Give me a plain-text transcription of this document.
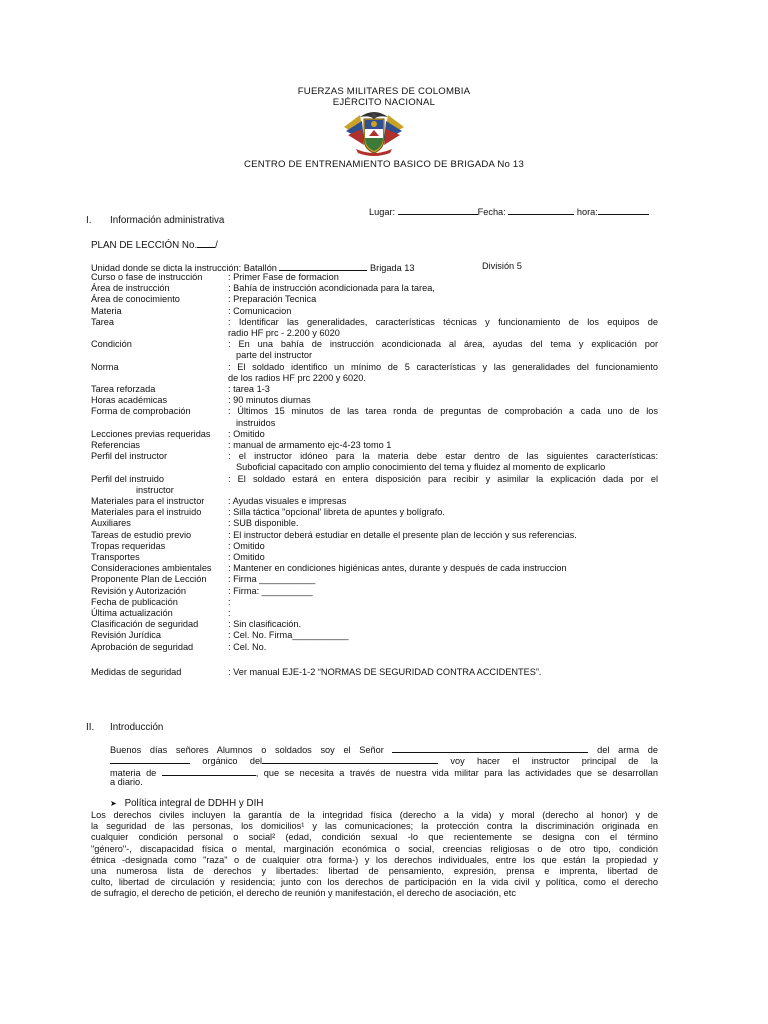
FUERZAS MILITARES DE COLOMBIA
EJÉRCITO NACIONAL
CENTRO DE ENTRENAMIENTO BASICO DE BRIGADA No 13
Lugar:	Fecha:	hora:
I. Información administrativa
PLAN DE LECCIÓN No. /
Unidad donde se dicta la instrucción: Batallón	Brigada 13	División 5
Curso o fase de instrucción	: Primer Fase de formacion
Área de instrucción	: Bahía de instrucción acondicionada para la tarea,
Área de conocimiento	: Preparación Tecnica
Materia	: Comunicacion
Tarea	: Identificar las generalidades, características técnicas y funcionamiento de los equipos de
radio HF prc - 2.200 y 6020
Condición	: En una bahía de instrucción acondicionada al área, ayudas del tema y explicación por
parte del instructor
Norma	: El soldado identifico un mínimo de 5 características y las generalidades del funcionamiento
de los radios HF prc 2200 y 6020.
Tarea reforzada	: tarea 1-3
Horas académicas	: 90 minutos diurnas
Forma de comprobación	: Últimos 15 minutos de las tarea ronda de preguntas de comprobación a cada uno de los
instruidos
Lecciones previas requeridas : Omitido
Referencias	: manual de armamento ejc-4-23 tomo 1
Perfil del instructor	: el instructor idóneo para la materia debe estar dentro de las siguientes características:
Suboficial capacitado con amplio conocimiento del tema y fluidez al momento de explicarlo
Perfil del instruido	: El soldado estará en entera disposición para recibir y asimilar la explicación dada por el
instructor
Materiales para el instructor	: Ayudas visuales e impresas
Materiales para el instruido	: Silla táctica "opcional' libreta de apuntes y bolígrafo.
Auxiliares	: SUB disponible.
Tareas de estudio previo	: El instructor deberá estudiar en detalle el presente plan de lección y sus referencias.
Tropas requeridas	: Omitido
Transportes	: Omitido
Consideraciones ambientales : Mantener en condiciones higiénicas antes, durante y después de cada instruccion
Proponente Plan de Lección : Firma ___________
Revisión y Autorización	: Firma: __________
Fecha de publicación	:
Última actualización	:
Clasificación de seguridad	: Sin clasificación.
Revisión Jurídica	: Cel. No. Firma___________
Aprobación de seguridad	: Cel. No.
Medidas de seguridad	: Ver manual EJE-1-2 “NORMAS DE SEGURIDAD CONTRA ACCIDENTES”.
II. Introducción
Buenos días señores Alumnos o soldados soy el Señor	del arma de
orgánico del	voy hacer el instructor principal de la
materia de	, que se necesita a través de nuestra vida militar para las actividades que se desarrollan
a diario.
➤ Política integral de DDHH y DIH
Los derechos civiles incluyen la garantía de la integridad física (derecho a la vida) y moral (derecho al honor) y de
la seguridad de las personas, los domicilios¹ y las comunicaciones; la protección contra la discriminación originada en
cualquier condición personal o social² (edad, condición sexual -lo que recientemente se designa con el término
"género"-, discapacidad física o mental, marginación económica o social, creencias religiosas o de otro tipo, condición
étnica -designada como "raza" o de cualquier otra forma-) y los derechos individuales, entre los que están la propiedad y
una numerosa lista de derechos y libertades: libertad de pensamiento, expresión, prensa e imprenta, libertad de
culto, libertad de circulación y residencia; junto con los derechos de participación en la vida civil y política, como el derecho
de sufragio, el derecho de petición, el derecho de reunión y manifestación, el derecho de asociación, etc
